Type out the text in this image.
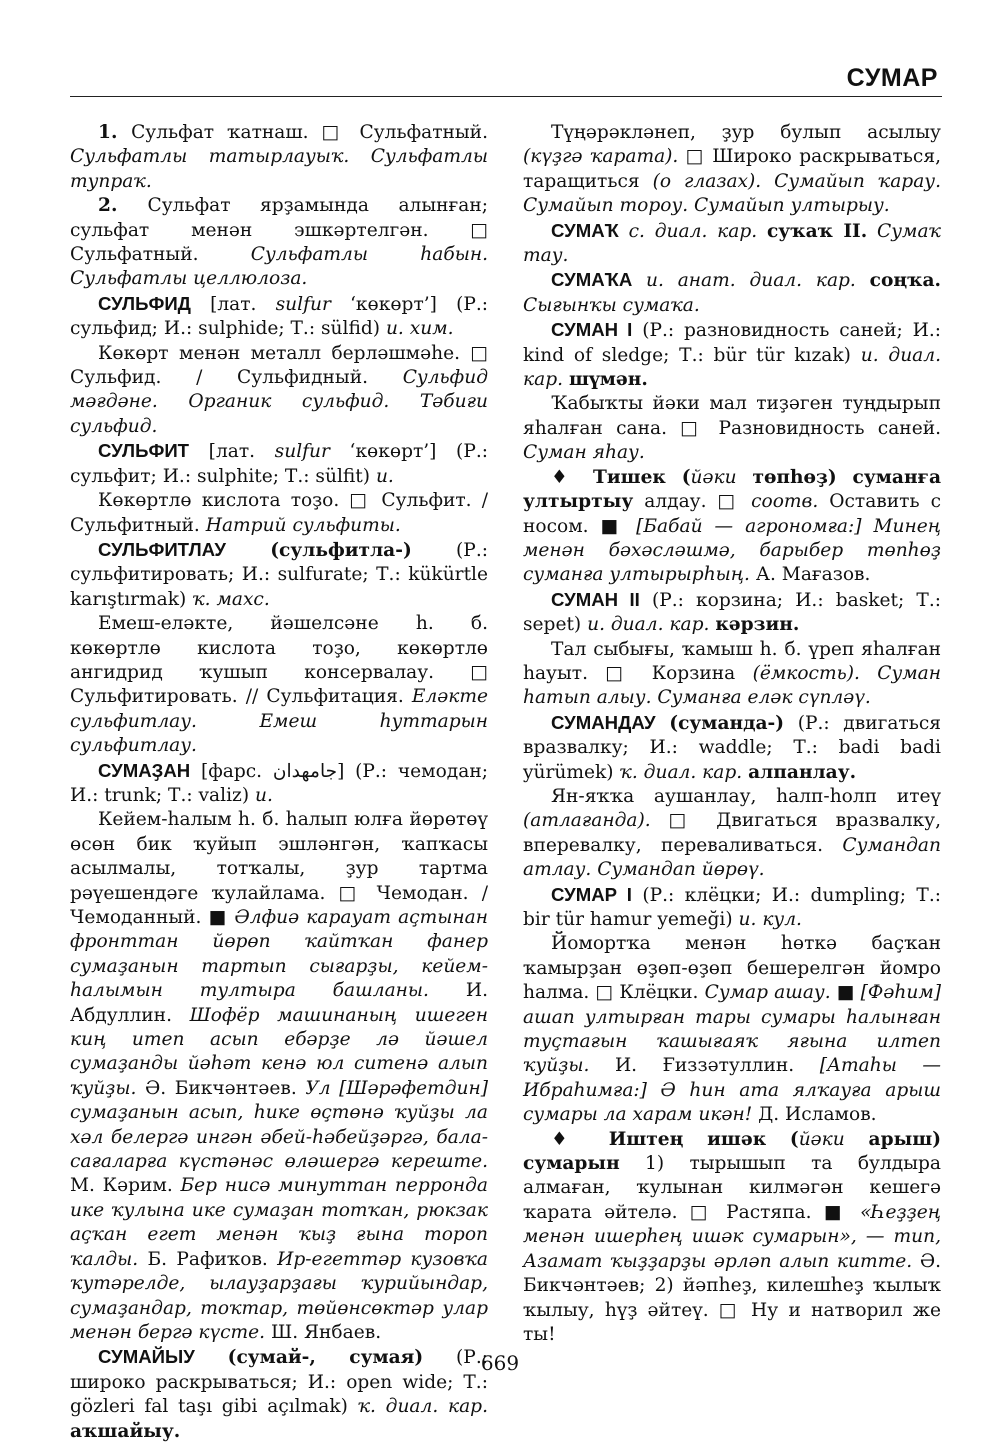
СУМАР

1. Сульфат ҡатнаш. □ Сульфатный. Сульфатлы татырлауыҡ. Сульфатлы тупраҡ.

2. Сульфат ярҙамында алынған; сульфат менән эшкәртелгән. □ Сульфатный. Сульфатлы һабын. Сульфатлы целлюлоза.

СУЛЬФИД [лат. sulfur ‘көкөрт’] (Р.: сульфид; И.: sulphide; Т.: sülfid) и. хим.

Көкөрт менән металл берләшмәһе. □ Сульфид. / Сульфидный. Сульфид мәғдәне. Органик сульфид. Тәбиғи сульфид.

СУЛЬФИТ [лат. sulfur ‘көкөрт’] (Р.: сульфит; И.: sulphite; Т.: sülfit) и.

Көкөртлө кислота тоҙо. □ Сульфит. / Сульфитный. Натрий сульфиты.

СУЛЬФИТЛАУ (сульфитла-) (Р.: сульфитировать; И.: sulfurate; Т.: kükürtle karıştırmak) ҡ. махс.

Емеш-еләкте, йәшелсәне һ. б. көкөртлө кислота тоҙо, көкөртлө ангидрид ҡушып консервалау. □ Сульфитировать. // Сульфитация. Еләкте сульфитлау. Емеш һуттарын сульфитлау.

СУМАҘАН [фарс. جامهدان] (Р.: чемодан; И.: trunk; Т.: valiz) и.

Кейем-һалым һ. б. һалып юлға йөрөтөү өсөн бик ҡуйып эшләнгән, ҡапҡасы асылмалы, тотҡалы, ҙур тартма рәүешендәге ҡулайлама. □ Чемодан. / Чемоданный. ■ Әлфиә карауат аҫтынан фронттан йөрөп ҡайтҡан фанер сумаҙанын тартып сығарҙы, кейем-һалымын тултыра башланы. И. Абдуллин. Шофёр машинаның ишеген киң итеп асып ебәрҙе лә йәшел сумаҙанды йәһәт кенә юл ситенә алып ҡуйҙы. Ә. Бикчәнтәев. Ул [Шәрәфетдин] сумаҙанын асып, һике өҫтөнә ҡуйҙы ла хәл белергә ингән әбей-һәбейҙәргә, бала-сағаларға күстәнәс өләшергә кереште. М. Кәрим. Бер нисә минуттан перронда ике ҡулына ике сумаҙан тотҡан, рюкзак аҫҡан егет менән ҡыҙ ғына тороп ҡалды. Б. Рафиҡов. Ир-егеттәр кузовҡа ҡутәрелде, ылауҙарҙағы ҡурийындар, сумаҙандар, тоҡтар, төйөнсөктәр улар менән бергә күсте. Ш. Янбаев.

СУМАЙЫУ (сумай-, сумая) (Р.: широко раскрываться; И.: open wide; Т.: gözleri fal taşı gibi açılmak) ҡ. диал. кар. аҡшайыу.

Түңәрәкләнеп, ҙур булып асылыу (күҙгә ҡарата). □ Широко раскрываться, таращиться (о глазах). Сумайып ҡарау. Сумайып тороу. Сумайып ултырыу.

СУМАҠ с. диал. кар. суҡаҡ II. Сумаҡ тау.

СУМАҠА и. анат. диал. кар. соңҡа. Сығынҡы сумаҡа.

СУМАН I (Р.: разновидность саней; И.: kind of sledge; Т.: bür tür kızak) и. диал. кар. шүмән.

Ҡабыҡты йәки мал тиҙәген туңдырып яһалған сана. □ Разновидность саней. Суман яһау.

♦ Тишек (йәки төпһөҙ) суманға ултыртыу алдау. □ соотв. Оставить с носом. ■ [Бабай — агрономға:] Минең менән бәхәсләшмә, барыбер төпһөҙ суманға ултырырһың. А. Мағазов.

СУМАН II (Р.: корзина; И.: basket; Т.: sepet) и. диал. кар. кәрзин.

Тал сыбығы, ҡамыш һ. б. үреп яһалған һауыт. □ Корзина (ёмкость). Суман һатып алыу. Суманға еләк сүпләү.

СУМАНДАУ (суманда-) (Р.: двигаться вразвалку; И.: waddle; Т.: badi badi yürümek) ҡ. диал. кар. алпанлау.

Ян-яҡҡа аушанлау, һалп-һолп итеү (атлағанда). □ Двигаться вразвалку, вперевалку, переваливаться. Сумандап атлау. Сумандап йөрөү.

СУМАР I (Р.: клёцки; И.: dumpling; Т.: bir tür hamur yemeği) и. кул.

Йомортҡа менән һөткә баҫҡан ҡамырҙан өҙөп-өҙөп бешерелгән йомро һалма. □ Клёцки. Сумар ашау. ■ [Фәһим] ашап ултырған тары сумары һалынған туҫтағын ҡашығаяҡ яғына илтеп ҡуйҙы. И. Ғиззәтуллин. [Атаһы — Ибраһимға:] Ә һин ата ялҡауға арыш сумары ла харам икән! Д. Исламов.

♦ Иштең ишәк (йәки арыш) сумарын 1) тырышып та булдыра алмаған, ҡулынан килмәгән кешегә ҡарата әйтелә. □ Растяпа. ■ «Һеҙҙең менән ишерһең ишәк сумарын», — тип, Азамат ҡыҙҙарҙы әрләп алып китте. Ә. Бикчәнтәев; 2) йәпһеҙ, килешһеҙ ҡылыҡ ҡылыу, һүҙ әйтеү. □ Ну и натворил же ты!

669
